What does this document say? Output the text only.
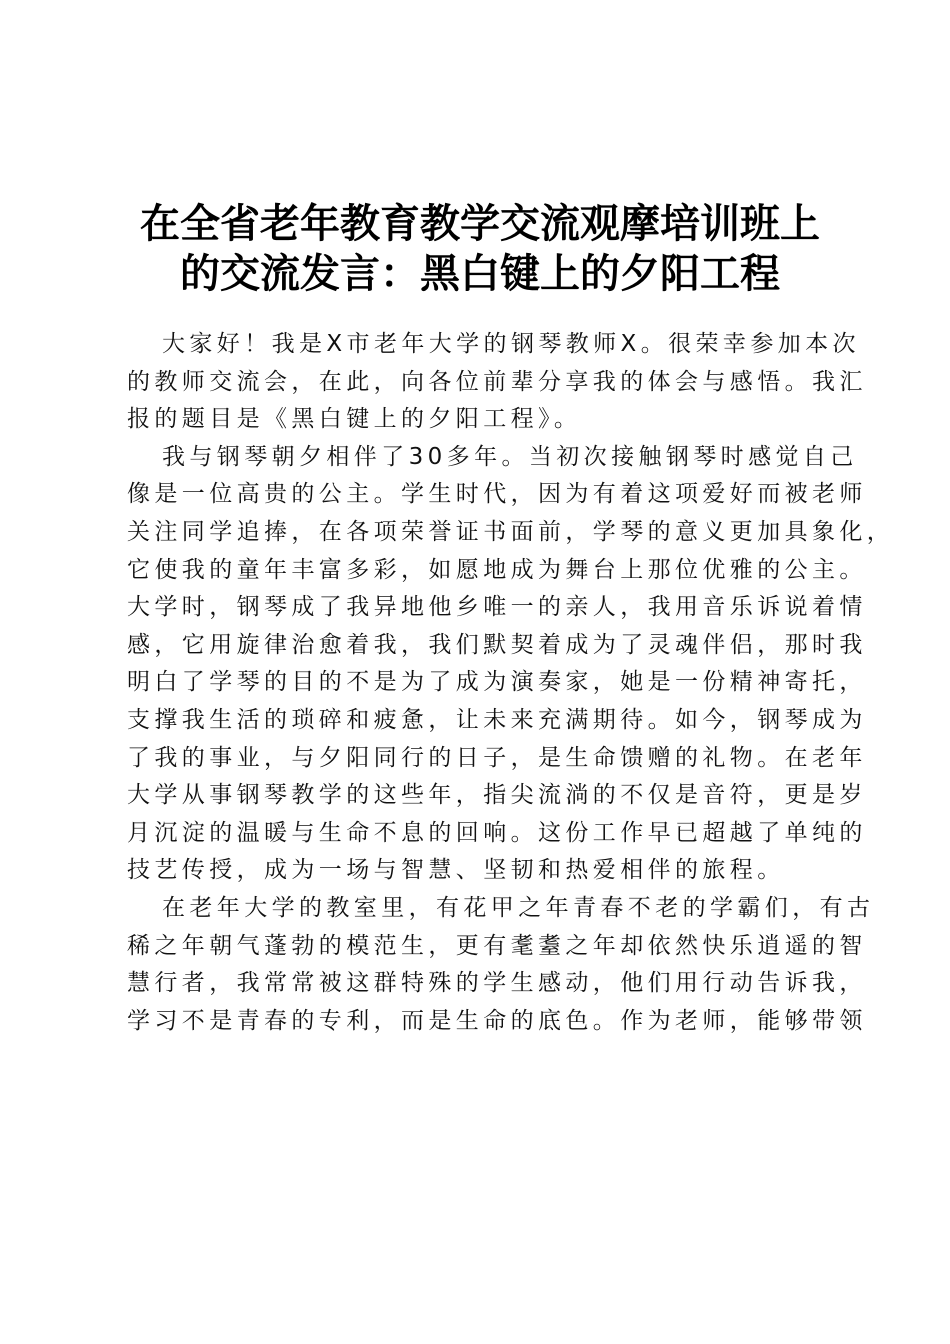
在全省老年教育教学交流观摩培训班上
的交流发言：黑白键上的夕阳工程
大家好！我是X市老年大学的钢琴教师X。很荣幸参加本次
的教师交流会，在此，向各位前辈分享我的体会与感悟。我汇
报的题目是《黑白键上的夕阳工程》。
我与钢琴朝夕相伴了30多年。当初次接触钢琴时感觉自己
像是一位高贵的公主。学生时代，因为有着这项爱好而被老师
关注同学追捧，在各项荣誉证书面前，学琴的意义更加具象化，
它使我的童年丰富多彩，如愿地成为舞台上那位优雅的公主。
大学时，钢琴成了我异地他乡唯一的亲人，我用音乐诉说着情
感，它用旋律治愈着我，我们默契着成为了灵魂伴侣，那时我
明白了学琴的目的不是为了成为演奏家，她是一份精神寄托，
支撑我生活的琐碎和疲惫，让未来充满期待。如今，钢琴成为
了我的事业，与夕阳同行的日子，是生命馈赠的礼物。在老年
大学从事钢琴教学的这些年，指尖流淌的不仅是音符，更是岁
月沉淀的温暖与生命不息的回响。这份工作早已超越了单纯的
技艺传授，成为一场与智慧、坚韧和热爱相伴的旅程。
在老年大学的教室里，有花甲之年青春不老的学霸们，有古
稀之年朝气蓬勃的模范生，更有耄耋之年却依然快乐逍遥的智
慧行者，我常常被这群特殊的学生感动，他们用行动告诉我，
学习不是青春的专利，而是生命的底色。作为老师，能够带领
